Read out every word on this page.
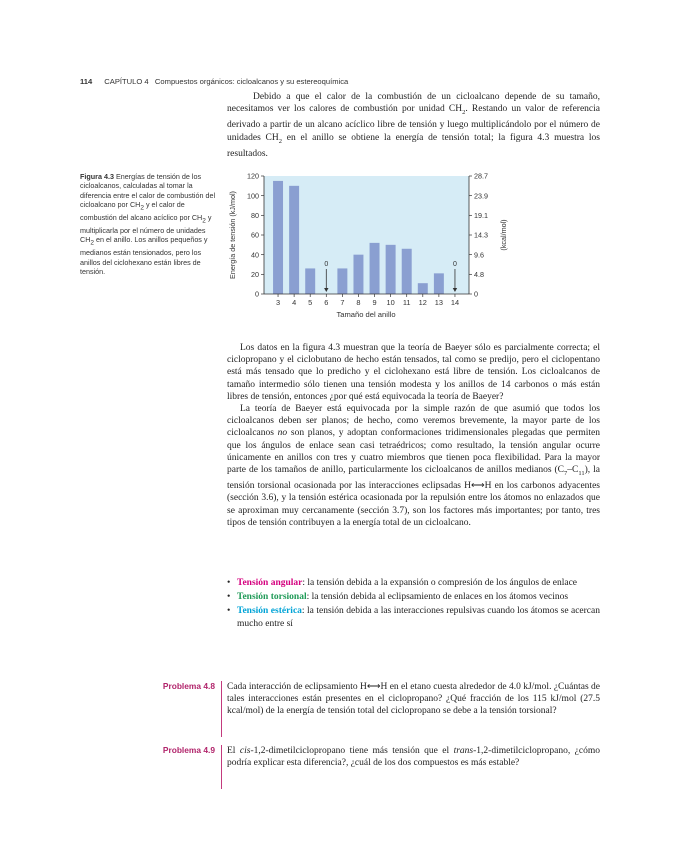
114 CAPÍTULO 4 Compuestos orgánicos: cicloalcanos y su estereoquímica
Debido a que el calor de la combustión de un cicloalcano depende de su tamaño, necesitamos ver los calores de combustión por unidad $CH_2$. Restando un valor de referencia derivado a partir de un alcano acíclico libre de tensión y luego multiplicándolo por el número de unidades $CH_2$ en el anillo se obtiene la energía de tensión total; la figura 4.3 muestra los resultados.
Figura 4.3 Energías de tensión de los cicloalcanos, calculadas al tomar la diferencia entre el calor de combustión del cicloalcano por $CH_2$ y el calor de combustión del alcano acíclico por $CH_2$ y multiplicarla por el número de unidades $CH_2$ en el anillo. Los anillos pequeños y medianos están tensionados, pero los anillos del ciclohexano están libres de tensión.
0	0
3 4 5 6 7 8 9 10 11 12 13 14
0
20
40
60
80
100
120
0
4.8
9.6
14.3
19.1
23.9
28.7
Energía de tensión (kJ/mol)	(kcal/mol)
Tamaño del anillo

Los datos en la figura 4.3 muestran que la teoría de Baeyer sólo es parcialmente correcta; el ciclopropano y el ciclobutano de hecho están tensados, tal como se predijo, pero el ciclopentano está más tensado que lo predicho y el ciclohexano está libre de tensión. Los cicloalcanos de tamaño intermedio sólo tienen una tensión modesta y los anillos de 14 carbonos o más están libres de tensión, entonces ¿por qué está equivocada la teoría de Baeyer?

La teoría de Baeyer está equivocada por la simple razón de que asumió que todos los cicloalcanos deben ser planos; de hecho, como veremos brevemente, la mayor parte de los cicloalcanos no son planos, y adoptan conformaciones tridimensionales plegadas que permiten que los ángulos de enlace sean casi tetraédricos; como resultado, la tensión angular ocurre únicamente en anillos con tres y cuatro miembros que tienen poca flexibilidad. Para la mayor parte de los tamaños de anillo, particularmente los cicloalcanos de anillos medianos $(C_7-C_{11})$, la tensión torsional ocasionada por las interacciones eclipsadas H⟷H en los carbonos adyacentes (sección 3.6), y la tensión estérica ocasionada por la repulsión entre los átomos no enlazados que se aproximan muy cercanamente (sección 3.7), son los factores más importantes; por tanto, tres tipos de tensión contribuyen a la energía total de un cicloalcano.

• Tensión angular: la tensión debida a la expansión o compresión de los ángulos de enlace
• Tensión torsional: la tensión debida al eclipsamiento de enlaces en los átomos vecinos
• Tensión estérica: la tensión debida a las interacciones repulsivas cuando los átomos se acercan mucho entre sí
Problema 4.8 Cada interacción de eclipsamiento H⟷H en el etano cuesta alrededor de 4.0 kJ/mol. ¿Cuántas de tales interacciones están presentes en el ciclopropano? ¿Qué fracción de los 115 kJ/mol (27.5 kcal/mol) de la energía de tensión total del ciclopropano se debe a la tensión torsional?
Problema 4.9 El cis-1,2-dimetilciclopropano tiene más tensión que el trans-1,2-dimetilciclopropano, ¿cómo podría explicar esta diferencia?, ¿cuál de los dos compuestos es más estable?
